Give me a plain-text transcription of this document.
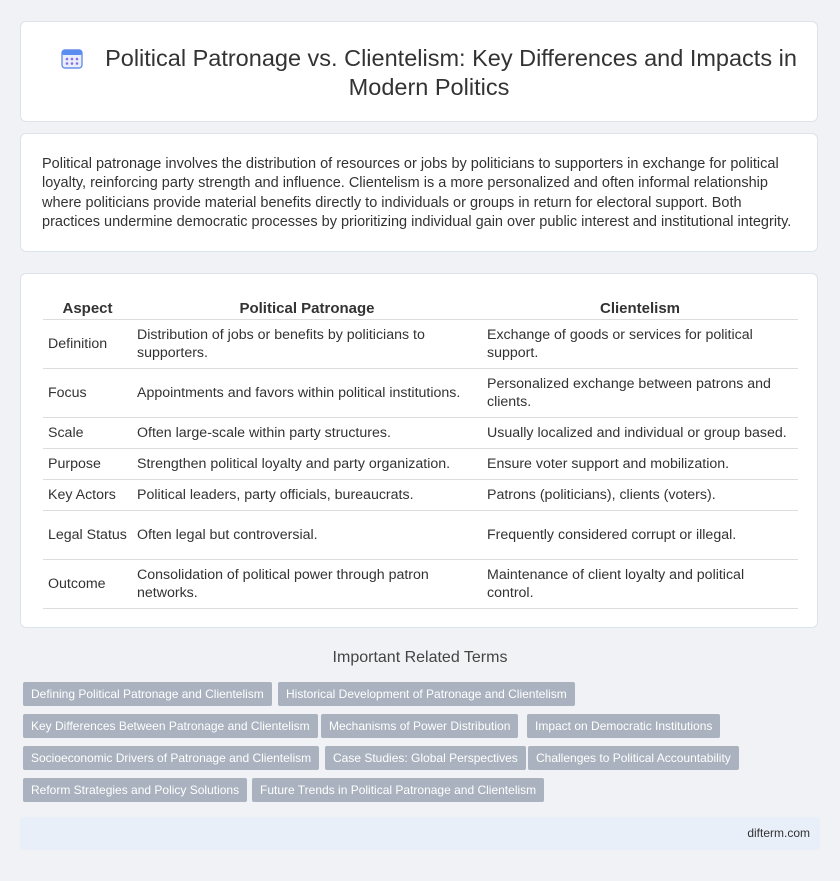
Political Patronage vs. Clientelism: Key Differences and Impacts in Modern Politics
Political patronage involves the distribution of resources or jobs by politicians to supporters in exchange for political loyalty, reinforcing party strength and influence. Clientelism is a more personalized and often informal relationship where politicians provide material benefits directly to individuals or groups in return for electoral support. Both practices undermine democratic processes by prioritizing individual gain over public interest and institutional integrity.
Aspect	Political Patronage	Clientelism
Definition	Distribution of jobs or benefits by politicians to supporters.	Exchange of goods or services for political support.
Focus	Appointments and favors within political institutions.	Personalized exchange between patrons and clients.
Scale	Often large-scale within party structures.	Usually localized and individual or group based.
Purpose	Strengthen political loyalty and party organization.	Ensure voter support and mobilization.
Key Actors	Political leaders, party officials, bureaucrats.	Patrons (politicians), clients (voters).
Legal Status	Often legal but controversial.	Frequently considered corrupt or illegal.
Outcome	Consolidation of political power through patron networks.	Maintenance of client loyalty and political control.
Important Related Terms
Defining Political Patronage and Clientelism	Historical Development of Patronage and Clientelism
Key Differences Between Patronage and Clientelism	Mechanisms of Power Distribution	Impact on Democratic Institutions
Socioeconomic Drivers of Patronage and Clientelism	Case Studies: Global Perspectives	Challenges to Political Accountability
Reform Strategies and Policy Solutions	Future Trends in Political Patronage and Clientelism
difterm.com
